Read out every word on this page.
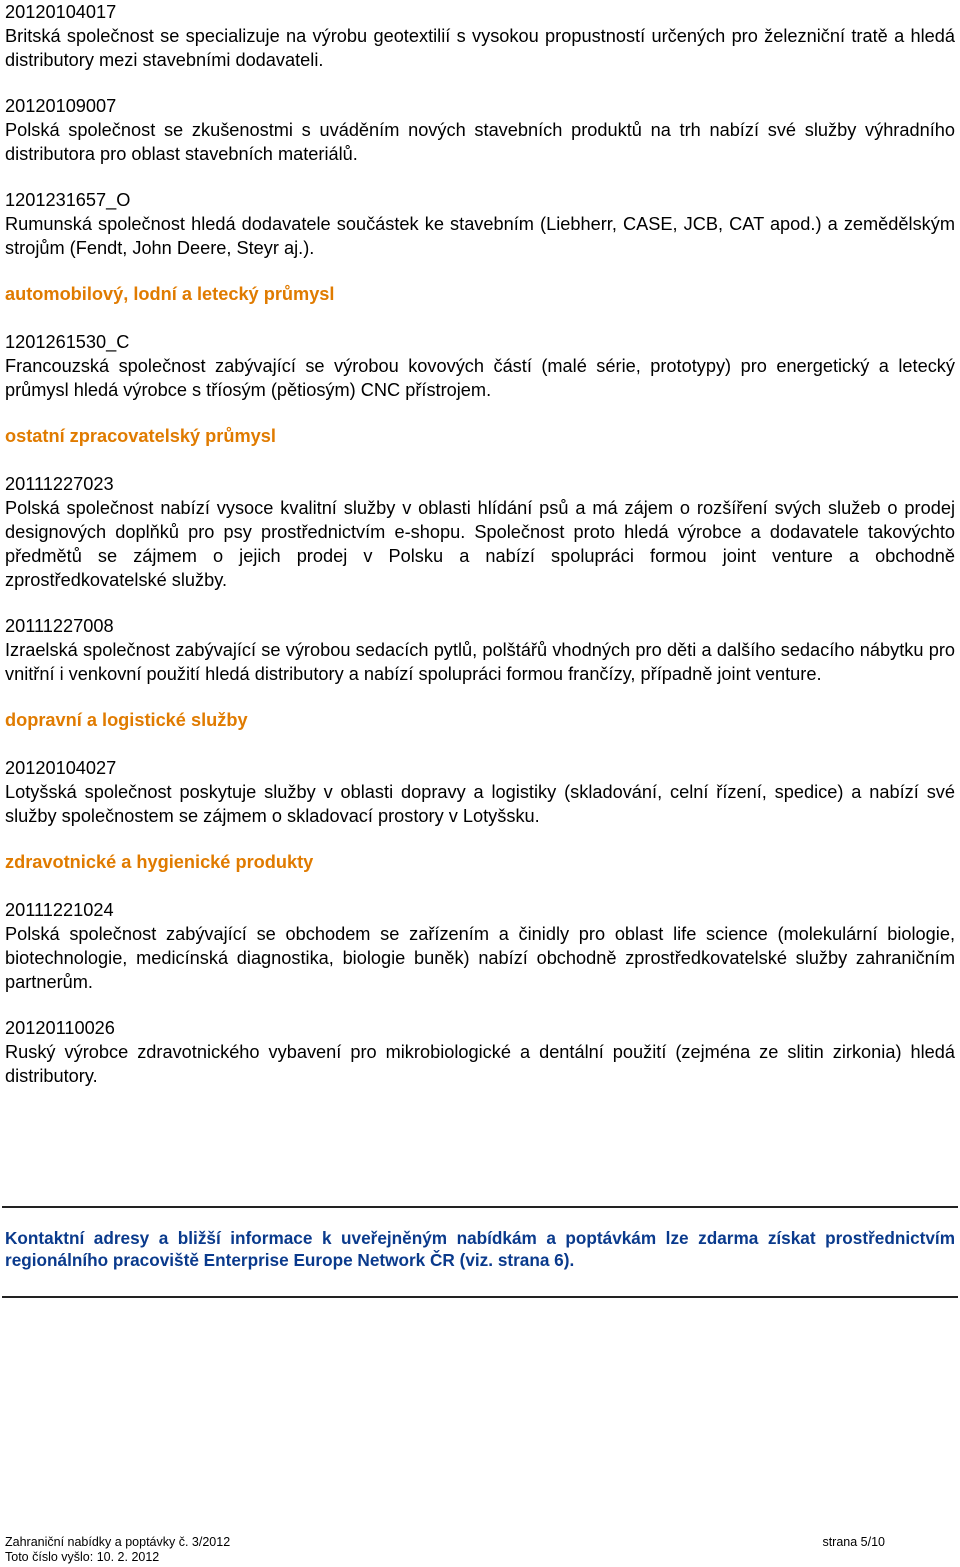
20120104017
Britská společnost se specializuje na výrobu geotextilií s vysokou propustností určených pro železniční tratě a hledá distributory mezi stavebními dodavateli.
20120109007
Polská společnost se zkušenostmi s uváděním nových stavebních produktů na trh nabízí své služby výhradního distributora pro oblast stavebních materiálů.
1201231657_O
Rumunská společnost hledá dodavatele součástek ke stavebním (Liebherr, CASE, JCB, CAT apod.) a zemědělským strojům (Fendt, John Deere, Steyr aj.).
automobilový, lodní a letecký průmysl
1201261530_C
Francouzská společnost zabývající se výrobou kovových částí (malé série, prototypy) pro energetický a letecký průmysl hledá výrobce s tříosým (pětiosým) CNC přístrojem.
ostatní zpracovatelský průmysl
20111227023
Polská společnost nabízí vysoce kvalitní služby v oblasti hlídání psů a má zájem o rozšíření svých služeb o prodej designových doplňků pro psy prostřednictvím e-shopu. Společnost proto hledá výrobce a dodavatele takovýchto předmětů se zájmem o jejich prodej v Polsku a nabízí spolupráci formou joint venture a obchodně zprostředkovatelské služby.
20111227008
Izraelská společnost zabývající se výrobou sedacích pytlů, polštářů vhodných pro děti a dalšího sedacího nábytku pro vnitřní i venkovní použití hledá distributory a nabízí spolupráci formou frančízy, případně joint venture.
dopravní a logistické služby
20120104027
Lotyšská společnost poskytuje služby v oblasti dopravy a logistiky (skladování, celní řízení, spedice) a nabízí své služby společnostem se zájmem o skladovací prostory v Lotyšsku.
zdravotnické a hygienické produkty
20111221024
Polská společnost zabývající se obchodem se zařízením a činidly pro oblast life science (molekulární biologie, biotechnologie, medicínská diagnostika, biologie buněk) nabízí obchodně zprostředkovatelské služby zahraničním partnerům.
20120110026
Ruský výrobce zdravotnického vybavení pro mikrobiologické a dentální použití (zejména ze slitin zirkonia) hledá distributory.
Kontaktní adresy a bližší informace k uveřejněným nabídkám a poptávkám lze zdarma získat prostřednictvím regionálního pracoviště Enterprise Europe Network ČR (viz. strana 6).
Zahraniční nabídky a poptávky č. 3/2012	strana 5/10
Toto číslo vyšlo: 10. 2. 2012
